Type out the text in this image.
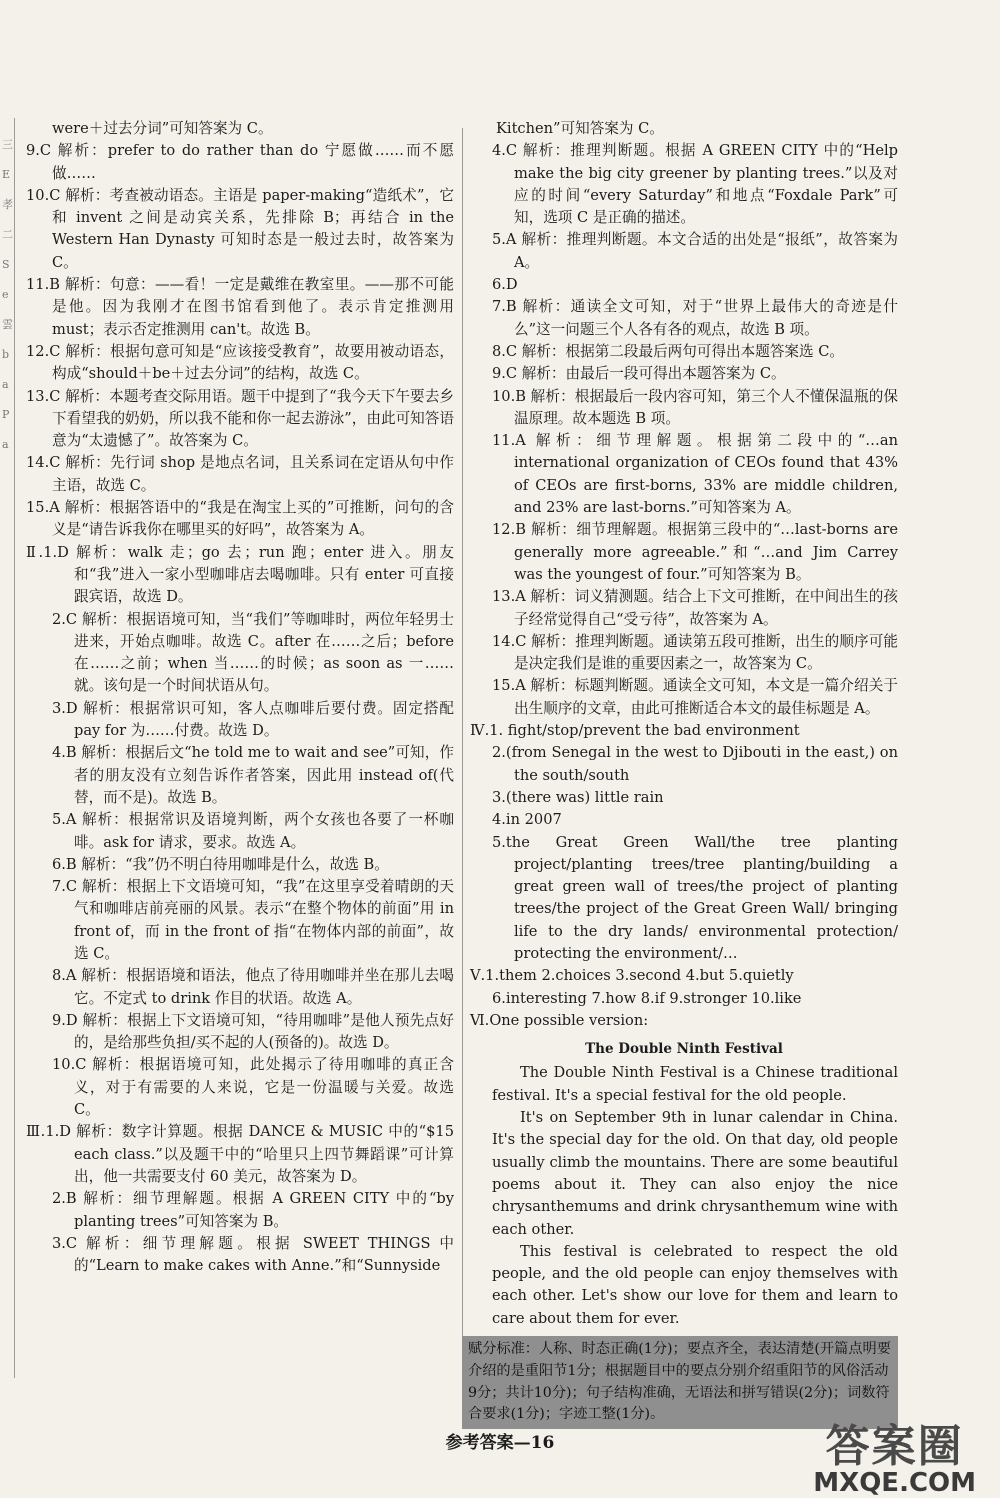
三 E 孝 二 S e 雲 b a P a
were＋过去分词”可知答案为 C。
9.C 解析：prefer to do rather than do 宁愿做……而不愿做……
10.C 解析：考查被动语态。主语是 paper-making“造纸术”，它和 invent 之间是动宾关系，先排除 B；再结合 in the Western Han Dynasty 可知时态是一般过去时，故答案为 C。
11.B 解析：句意：——看！一定是戴维在教室里。——那不可能是他。因为我刚才在图书馆看到他了。表示肯定推测用 must；表示否定推测用 can't。故选 B。
12.C 解析：根据句意可知是“应该接受教育”，故要用被动语态，构成“should＋be＋过去分词”的结构，故选 C。
13.C 解析：本题考查交际用语。题干中提到了“我今天下午要去乡下看望我的奶奶，所以我不能和你一起去游泳”，由此可知答语意为“太遗憾了”。故答案为 C。
14.C 解析：先行词 shop 是地点名词，且关系词在定语从句中作主语，故选 C。
15.A 解析：根据答语中的“我是在淘宝上买的”可推断，问句的含义是“请告诉我你在哪里买的好吗”，故答案为 A。
Ⅱ.1.D 解析：walk 走；go 去；run 跑；enter 进入。朋友和“我”进入一家小型咖啡店去喝咖啡。只有 enter 可直接跟宾语，故选 D。
2.C 解析：根据语境可知，当“我们”等咖啡时，两位年轻男士进来，开始点咖啡。故选 C。after 在……之后；before 在……之前；when 当……的时候；as soon as 一……就。该句是一个时间状语从句。
3.D 解析：根据常识可知，客人点咖啡后要付费。固定搭配 pay for 为……付费。故选 D。
4.B 解析：根据后文“he told me to wait and see”可知，作者的朋友没有立刻告诉作者答案，因此用 instead of(代替，而不是)。故选 B。
5.A 解析：根据常识及语境判断，两个女孩也各要了一杯咖啡。ask for 请求，要求。故选 A。
6.B 解析：“我”仍不明白待用咖啡是什么，故选 B。
7.C 解析：根据上下文语境可知，“我”在这里享受着晴朗的天气和咖啡店前亮丽的风景。表示“在整个物体的前面”用 in front of，而 in the front of 指“在物体内部的前面”，故选 C。
8.A 解析：根据语境和语法，他点了待用咖啡并坐在那儿去喝它。不定式 to drink 作目的状语。故选 A。
9.D 解析：根据上下文语境可知，“待用咖啡”是他人预先点好的，是给那些负担/买不起的人(预备的)。故选 D。
10.C 解析：根据语境可知，此处揭示了待用咖啡的真正含义，对于有需要的人来说，它是一份温暖与关爱。故选 C。
Ⅲ.1.D 解析：数字计算题。根据 DANCE & MUSIC 中的“$15 each class.”以及题干中的“哈里只上四节舞蹈课”可计算出，他一共需要支付 60 美元，故答案为 D。
2.B 解析：细节理解题。根据 A GREEN CITY 中的“by planting trees”可知答案为 B。
3.C 解析：细节理解题。根据 SWEET THINGS 中的“Learn to make cakes with Anne.”和“Sunnyside
Kitchen”可知答案为 C。
4.C 解析：推理判断题。根据 A GREEN CITY 中的“Help make the big city greener by planting trees.”以及对应的时间“every Saturday”和地点“Foxdale Park”可知，选项 C 是正确的描述。
5.A 解析：推理判断题。本文合适的出处是“报纸”，故答案为 A。
6.D
7.B 解析：通读全文可知，对于“世界上最伟大的奇迹是什么”这一问题三个人各有各的观点，故选 B 项。
8.C 解析：根据第二段最后两句可得出本题答案选 C。
9.C 解析：由最后一段可得出本题答案为 C。
10.B 解析：根据最后一段内容可知，第三个人不懂保温瓶的保温原理。故本题选 B 项。
11.A 解析：细节理解题。根据第二段中的“…an international organization of CEOs found that 43% of CEOs are first-borns, 33% are middle children, and 23% are last-borns.”可知答案为 A。
12.B 解析：细节理解题。根据第三段中的“…last-borns are generally more agreeable.”和“…and Jim Carrey was the youngest of four.”可知答案为 B。
13.A 解析：词义猜测题。结合上下文可推断，在中间出生的孩子经常觉得自己“受亏待”，故答案为 A。
14.C 解析：推理判断题。通读第五段可推断，出生的顺序可能是决定我们是谁的重要因素之一，故答案为 C。
15.A 解析：标题判断题。通读全文可知，本文是一篇介绍关于出生顺序的文章，由此可推断适合本文的最佳标题是 A。
Ⅳ.1. fight/stop/prevent the bad environment
2.(from Senegal in the west to Djibouti in the east,) on the south/south
3.(there was) little rain
4.in 2007
5.the Great Green Wall/the tree planting project/planting trees/tree planting/building a great green wall of trees/the project of planting trees/the project of the Great Green Wall/ bringing life to the dry lands/ environmental protection/ protecting the environment/…
Ⅴ.1.them 2.choices 3.second 4.but 5.quietly
6.interesting 7.how 8.if 9.stronger 10.like
Ⅵ.One possible version:
The Double Ninth Festival
The Double Ninth Festival is a Chinese traditional festival. It's a special festival for the old people.
It's on September 9th in lunar calendar in China. It's the special day for the old. On that day, old people usually climb the mountains. There are some beautiful poems about it. They can also enjoy the nice chrysanthemums and drink chrysanthemum wine with each other.
This festival is celebrated to respect the old people, and the old people can enjoy themselves with each other. Let's show our love for them and learn to care about them for ever.
赋分标准：人称、时态正确(1分)；要点齐全，表达清楚(开篇点明要介绍的是重阳节1分；根据题目中的要点分别介绍重阳节的风俗活动9分；共计10分)；句子结构准确，无语法和拼写错误(2分)；词数符合要求(1分)；字迹工整(1分)。
参考答案—16	答案圈
MXQE.COM
